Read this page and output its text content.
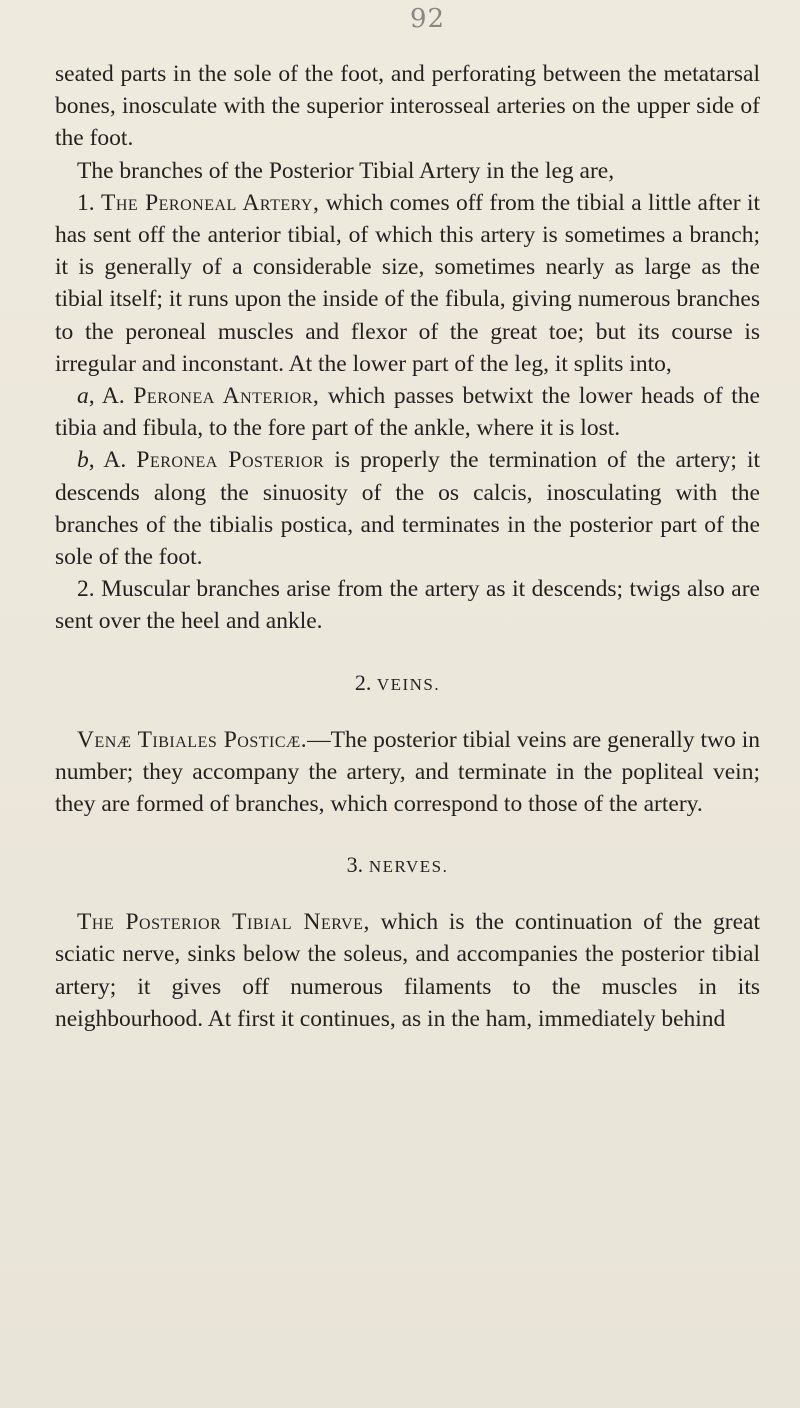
92

seated parts in the sole of the foot, and perforating between the metatarsal bones, inosculate with the superior interosseal arteries on the upper side of the foot.

The branches of the Posterior Tibial Artery in the leg are,

1. The Peroneal Artery, which comes off from the tibial a little after it has sent off the anterior tibial, of which this artery is sometimes a branch; it is generally of a considerable size, sometimes nearly as large as the tibial itself; it runs upon the inside of the fibula, giving numerous branches to the peroneal muscles and flexor of the great toe; but its course is irregular and inconstant. At the lower part of the leg, it splits into,

a, A. Peronea Anterior, which passes betwixt the lower heads of the tibia and fibula, to the fore part of the ankle, where it is lost.

b, A. Peronea Posterior is properly the termination of the artery; it descends along the sinuosity of the os calcis, inosculating with the branches of the tibialis postica, and terminates in the posterior part of the sole of the foot.

2. Muscular branches arise from the artery as it descends; twigs also are sent over the heel and ankle.

2. VEINS.

Venæ Tibiales Posticæ.—The posterior tibial veins are generally two in number; they accompany the artery, and terminate in the popliteal vein; they are formed of branches, which correspond to those of the artery.

3. NERVES.

The Posterior Tibial Nerve, which is the continuation of the great sciatic nerve, sinks below the soleus, and accompanies the posterior tibial artery; it gives off numerous filaments to the muscles in its neighbourhood. At first it continues, as in the ham, immediately behind
